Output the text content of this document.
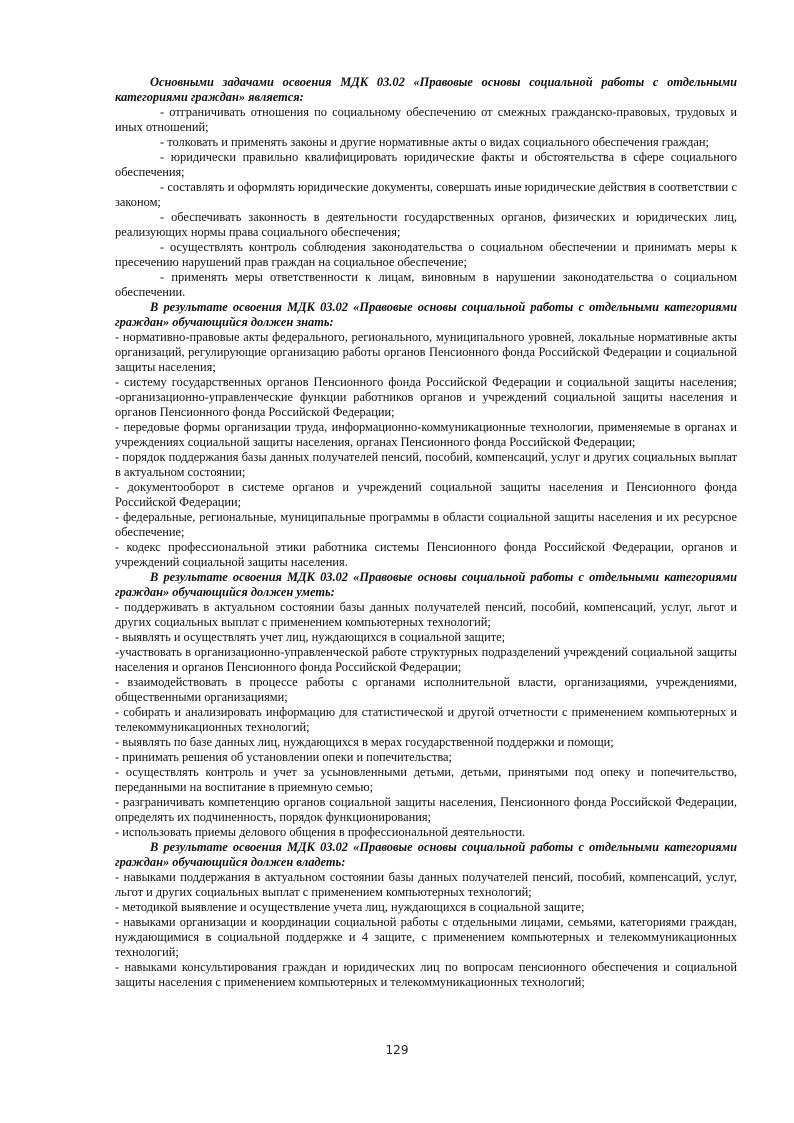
Основными задачами освоения МДК 03.02 «Правовые основы социальной работы с отдельными категориями граждан» является:

- отграничивать отношения по социальному обеспечению от смежных гражданско-правовых, трудовых и иных отношений;

- толковать и применять законы и другие нормативные акты о видах социального обеспечения граждан;

- юридически правильно квалифицировать юридические факты и обстоятельства в сфере социального обеспечения;

- составлять и оформлять юридические документы, совершать иные юридические действия в соответствии с законом;

- обеспечивать законность в деятельности государственных органов, физических и юридических лиц, реализующих нормы права социального обеспечения;

- осуществлять контроль соблюдения законодательства о социальном обеспечении и принимать меры к пресечению нарушений прав граждан на социальное обеспечение;

- применять меры ответственности к лицам, виновным в нарушении законодательства о социальном обеспечении.

В результате освоения МДК 03.02 «Правовые основы социальной работы с отдельными категориями граждан» обучающийся должен знать:

- нормативно-правовые акты федерального, регионального, муниципального уровней, локальные нормативные акты организаций, регулирующие организацию работы органов Пенсионного фонда Российской Федерации и социальной защиты населения;

- систему государственных органов Пенсионного фонда Российской Федерации и социальной защиты населения; -организационно-управленческие функции работников органов и учреждений социальной защиты населения и органов Пенсионного фонда Российской Федерации;

- передовые формы организации труда, информационно-коммуникационные технологии, применяемые в органах и учреждениях социальной защиты населения, органах Пенсионного фонда Российской Федерации;

- порядок поддержания базы данных получателей пенсий, пособий, компенсаций, услуг и других социальных выплат в актуальном состоянии;

- документооборот в системе органов и учреждений социальной защиты населения и Пенсионного фонда Российской Федерации;

- федеральные, региональные, муниципальные программы в области социальной защиты населения и их ресурсное обеспечение;

- кодекс профессиональной этики работника системы Пенсионного фонда Российской Федерации, органов и учреждений социальной защиты населения.

В результате освоения МДК 03.02 «Правовые основы социальной работы с отдельными категориями граждан» обучающийся должен уметь:

- поддерживать в актуальном состоянии базы данных получателей пенсий, пособий, компенсаций, услуг, льгот и других социальных выплат с применением компьютерных технологий;

- выявлять и осуществлять учет лиц, нуждающихся в социальной защите;

-участвовать в организационно-управленческой работе структурных подразделений учреждений социальной защиты населения и органов Пенсионного фонда Российской Федерации;

- взаимодействовать в процессе работы с органами исполнительной власти, организациями, учреждениями, общественными организациями;

- собирать и анализировать информацию для статистической и другой отчетности с применением компьютерных и телекоммуникационных технологий;

- выявлять по базе данных лиц, нуждающихся в мерах государственной поддержки и помощи;

- принимать решения об установлении опеки и попечительства;

- осуществлять контроль и учет за усыновленными детьми, детьми, принятыми под опеку и попечительство, переданными на воспитание в приемную семью;

- разграничивать компетенцию органов социальной защиты населения, Пенсионного фонда Российской Федерации, определять их подчиненность, порядок функционирования;

- использовать приемы делового общения в профессиональной деятельности.

В результате освоения МДК 03.02 «Правовые основы социальной работы с отдельными категориями граждан» обучающийся должен владеть:

- навыками поддержания в актуальном состоянии базы данных получателей пенсий, пособий, компенсаций, услуг, льгот и других социальных выплат с применением компьютерных технологий;

- методикой выявление и осуществление учета лиц, нуждающихся в социальной защите;

- навыками организации и координации социальной работы с отдельными лицами, семьями, категориями граждан, нуждающимися в социальной поддержке и 4 защите, с применением компьютерных и телекоммуникационных технологий;

- навыками консультирования граждан и юридических лиц по вопросам пенсионного обеспечения и социальной защиты населения с применением компьютерных и телекоммуникационных технологий;

129
